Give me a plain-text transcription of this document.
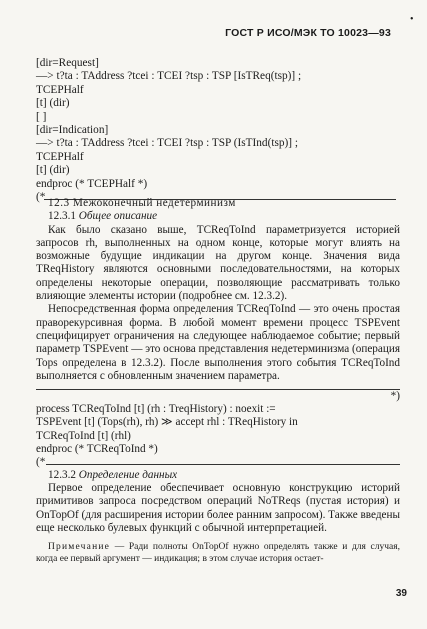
•
ГОСТ Р ИСО/МЭК ТО 10023—93
[dir=Request]
—> t?ta : TAddress ?tcei : TCEI ?tsp : TSP [IsTReq(tsp)] ;
TCEPHalf
[t] (dir)
[ ]
[dir=Indication]
—> t?ta : TAddress ?tcei : TCEI ?tsp : TSP (IsTInd(tsp)] ;
TCEPHalf
[t] (dir)
endproc (* TCEPHalf *)
(*
12.3 Межоконечный недетерминизм
12.3.1 Общее описание

Как было сказано выше, TCReqToInd параметризуется историей запросов rh, выполненных на одном конце, которые могут влиять на возможные будущие индикации на другом конце. Значения вида TReqHistory являются основными последовательностями, на которых определены некоторые операции, позволяющие рассматривать только влияющие элементы истории (подробнее см. 12.3.2).

Непосредственная форма определения TCReqToInd — это очень простая праворекурсивная форма. В любой момент времени процесс TSPEvent специфицирует ограничения на следующее наблюдаемое событие; первый параметр TSPEvent — это основа представления недетерминизма (операция Tops определена в 12.3.2). После выполнения этого события TCReqToInd выполняется с обновленным значением параметра.

*)
process TCReqToInd [t] (rh : TreqHistory) : noexit :=
TSPEvent [t] (Tops(rh), rh) ≫ accept rhl : TReqHistory in
TCReqToInd [t] (rhl)
endproc (* TCReqToInd *)
(*
12.3.2 Определение данных

Первое определение обеспечивает основную конструкцию историй примитивов запроса посредством операций NoTReqs (пустая история) и OnTopOf (для расширения истории более ранним запросом). Также введены еще несколько булевых функций с обычной интерпретацией.

Примечание — Ради полноты OnTopOf нужно определять также и для случая, когда ее первый аргумент — индикация; в этом случае история остает-

39
